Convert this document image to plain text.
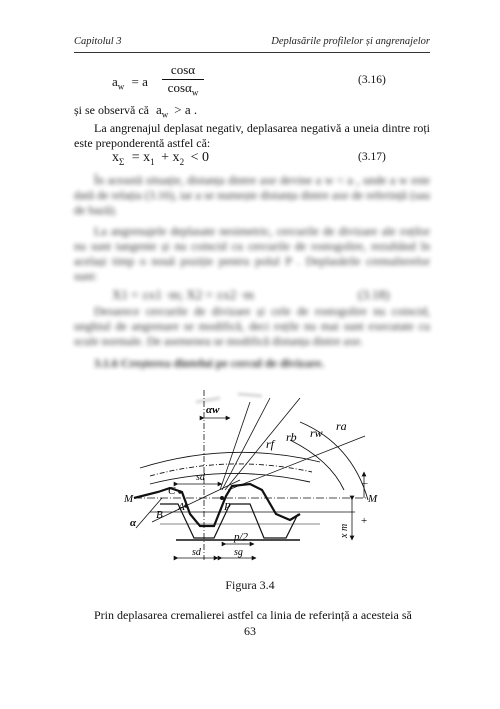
Capitolul 3	Deplasările profilelor și angrenajelor
$a_w = a$
cosα
cosα$_w$
(3.16)
și se observă că $a_w > a$ .
La angrenajul deplasat negativ, deplasarea negativă a uneia dintre roți este preponderentă astfel că:
$x_\Sigma = x_1 + x_2 < 0$	(3.17)
În această situație, distanța dintre axe devine a w < a , unde a w este dată de relația (3.16), iar a se numește distanța dintre axe de referință (sau de bază).
La angrenajele deplasate nesimetric, cercurile de divizare ale roților nu sunt tangente și nu coincid cu cercurile de rostogolire, rezultând în același timp o nouă poziție pentru polul P . Deplasările cremalierelor sunt:
X1 = ±x1 ·m; X2 = ±x2 ·m	(3.18)
Deoarece cercurile de divizare și cele de rostogolire nu coincid, unghiul de angrenare se modifică, deci roțile nu mai sunt executate cu scule normale. De asemenea se modifică distanța dintre axe.
3.1.6 Creșterea dintelui pe cercul de divizare.
αw
rf rb rw ra
sd
M	M
C
A	P
B
α
p/2	x m
sd	sg
–
+
Figura 3.4
Prin deplasarea cremalierei astfel ca linia de referință a acesteia să
63
